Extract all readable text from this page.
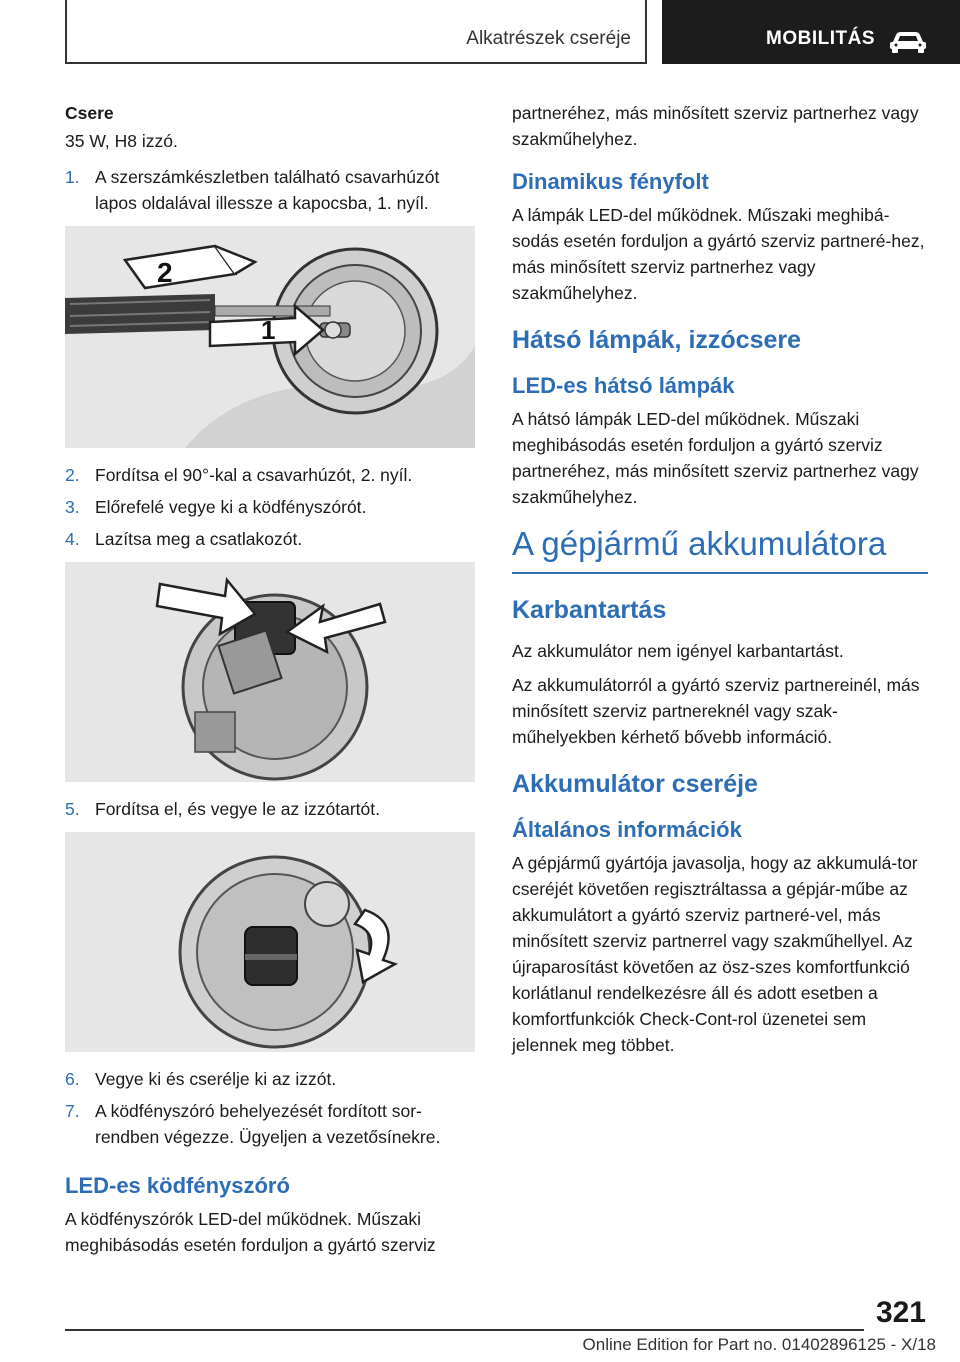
Alkatrészek cseréje	MOBILITÁS

Csere

35 W, H8 izzó.

1. A szerszámkészletben található csavarhúzót lapos oldalával illessze a kapocsba, 1. nyíl.
2
1
2. Fordítsa el 90°-kal a csavarhúzót, 2. nyíl.
3. Előrefelé vegye ki a ködfényszórót.
4. Lazítsa meg a csatlakozót.
5. Fordítsa el, és vegye le az izzótartót.
6. Vegye ki és cserélje ki az izzót.
7. A ködfényszóró behelyezését fordított sor-rendben végezze. Ügyeljen a vezetősínekre.
LED-es ködfényszóró

A ködfényszórók LED-del működnek. Műszaki meghibásodás esetén forduljon a gyártó szerviz

partneréhez, más minősített szerviz partnerhez vagy szakműhelyhez.

Dinamikus fényfolt

A lámpák LED-del működnek. Műszaki meghibá-sodás esetén forduljon a gyártó szerviz partneré-hez, más minősített szerviz partnerhez vagy szakműhelyhez.

Hátsó lámpák, izzócsere
LED-es hátsó lámpák

A hátsó lámpák LED-del működnek. Műszaki meghibásodás esetén forduljon a gyártó szerviz partneréhez, más minősített szerviz partnerhez vagy szakműhelyhez.

A gépjármű akkumulátora
Karbantartás

Az akkumulátor nem igényel karbantartást.

Az akkumulátorról a gyártó szerviz partnereinél, más minősített szerviz partnereknél vagy szak-műhelyekben kérhető bővebb információ.

Akkumulátor cseréje
Általános információk

A gépjármű gyártója javasolja, hogy az akkumulá-tor cseréjét követően regisztráltassa a gépjár-műbe az akkumulátort a gyártó szerviz partneré-vel, más minősített szerviz partnerrel vagy szakműhellyel. Az újraparosítást követően az ösz-szes komfortfunkció korlátlanul rendelkezésre áll és adott esetben a komfortfunkciók Check-Cont-rol üzenetei sem jelennek meg többet.

321
Online Edition for Part no. 01402896125 - X/18
